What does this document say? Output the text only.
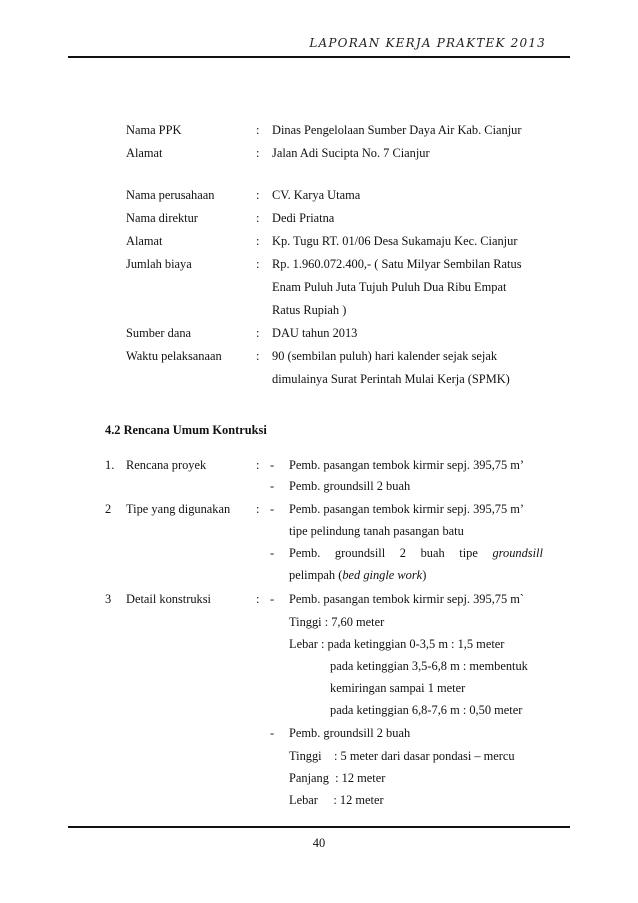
LAPORAN KERJA PRAKTEK 2013
Nama PPK	: Dinas Pengelolaan Sumber Daya Air Kab. Cianjur
Alamat	: Jalan Adi Sucipta No. 7 Cianjur
Nama perusahaan	: CV. Karya Utama
Nama direktur	: Dedi Priatna
Alamat	: Kp. Tugu RT. 01/06 Desa Sukamaju Kec. Cianjur
Jumlah biaya	: Rp. 1.960.072.400,- ( Satu Milyar Sembilan Ratus
Enam Puluh Juta Tujuh Puluh Dua Ribu Empat
Ratus Rupiah )
Sumber dana	: DAU tahun 2013
Waktu pelaksanaan	: 90 (sembilan puluh) hari kalender sejak sejak
dimulainya Surat Perintah Mulai Kerja (SPMK)
4.2 Rencana Umum Kontruksi
1. Rencana proyek	: - Pemb. pasangan tembok kirmir sepj. 395,75 m’
- Pemb. groundsill 2 buah
2 Tipe yang digunakan : - Pemb. pasangan tembok kirmir sepj. 395,75 m’
tipe pelindung tanah pasangan batu
- Pemb. groundsill 2 buah tipe groundsill
pelimpah (bed gingle work)
3 Detail konstruksi	: - Pemb. pasangan tembok kirmir sepj. 395,75 m`
Tinggi : 7,60 meter
Lebar : pada ketinggian 0-3,5 m : 1,5 meter
pada ketinggian 3,5-6,8 m : membentuk
kemiringan sampai 1 meter
pada ketinggian 6,8-7,6 m : 0,50 meter
- Pemb. groundsill 2 buah
Tinggi    : 5 meter dari dasar pondasi – mercu
Panjang  : 12 meter
Lebar     : 12 meter
40
